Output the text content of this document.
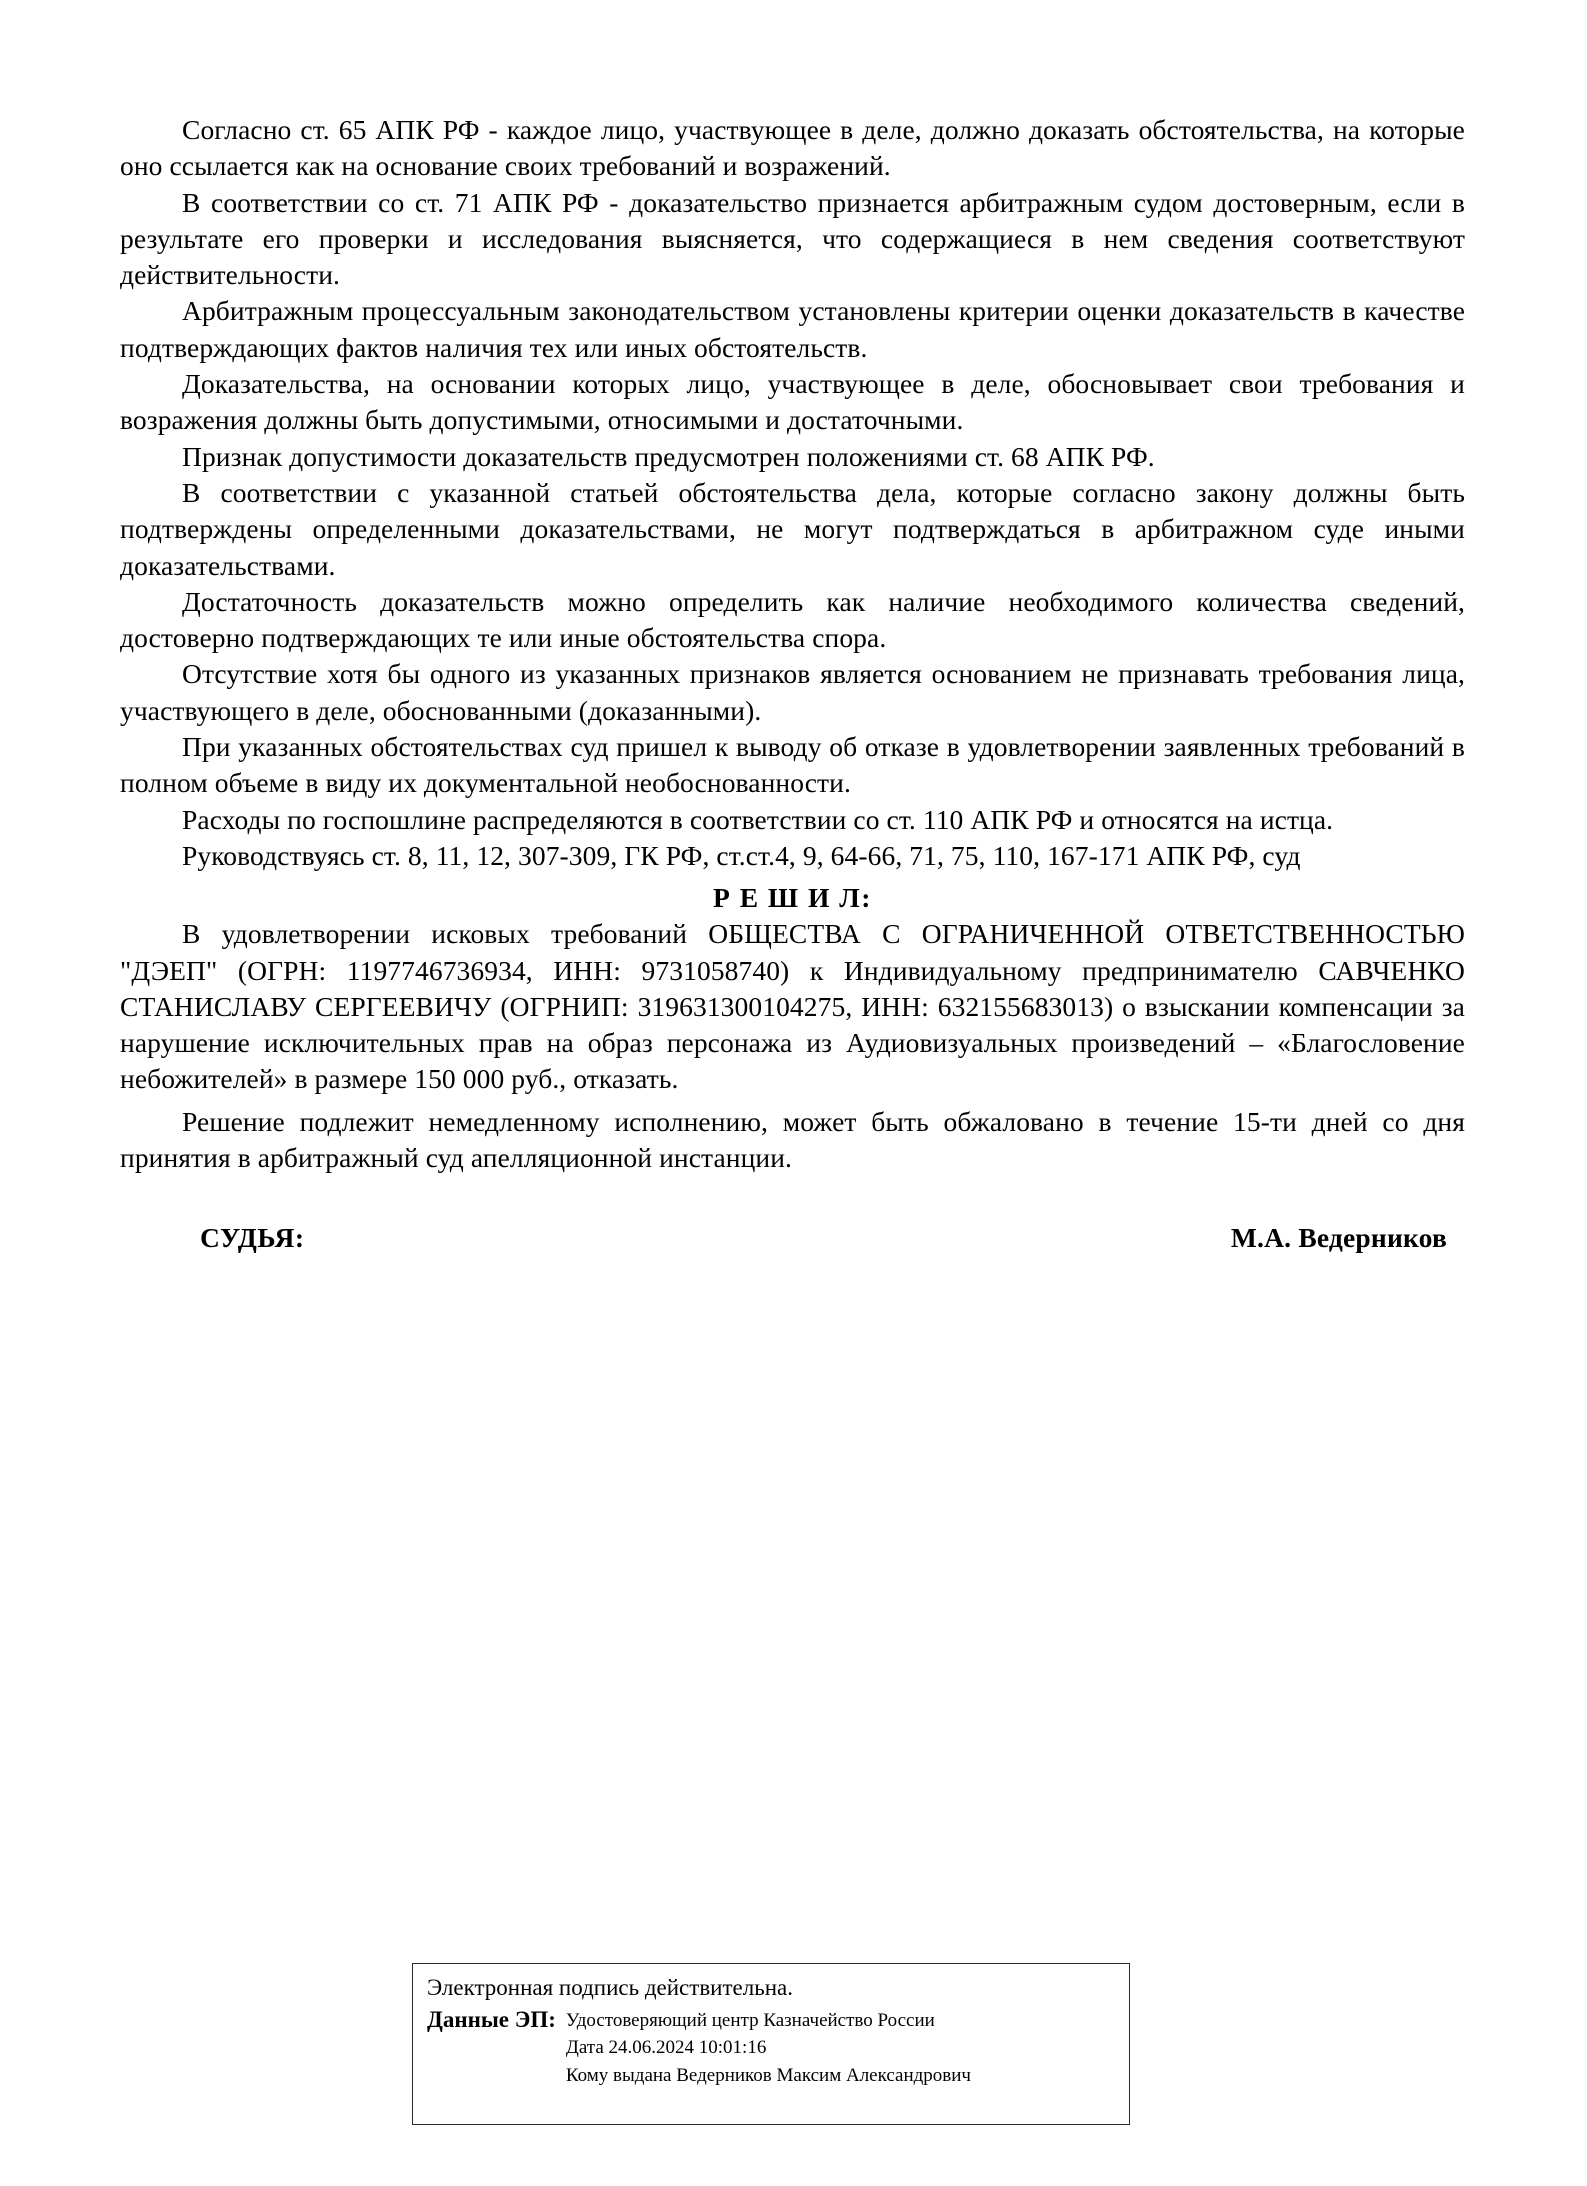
Согласно ст. 65 АПК РФ - каждое лицо, участвующее в деле, должно доказать обстоятельства, на которые оно ссылается как на основание своих требований и возражений.

В соответствии со ст. 71 АПК РФ - доказательство признается арбитражным судом достоверным, если в результате его проверки и исследования выясняется, что содержащиеся в нем сведения соответствуют действительности.

Арбитражным процессуальным законодательством установлены критерии оценки доказательств в качестве подтверждающих фактов наличия тех или иных обстоятельств.

Доказательства, на основании которых лицо, участвующее в деле, обосновывает свои требования и возражения должны быть допустимыми, относимыми и достаточными.

Признак допустимости доказательств предусмотрен положениями ст. 68 АПК РФ.

В соответствии с указанной статьей обстоятельства дела, которые согласно закону должны быть подтверждены определенными доказательствами, не могут подтверждаться в арбитражном суде иными доказательствами.

Достаточность доказательств можно определить как наличие необходимого количества сведений, достоверно подтверждающих те или иные обстоятельства спора.

Отсутствие хотя бы одного из указанных признаков является основанием не признавать требования лица, участвующего в деле, обоснованными (доказанными).

При указанных обстоятельствах суд пришел к выводу об отказе в удовлетворении заявленных требований в полном объеме в виду их документальной необоснованности.

Расходы по госпошлине распределяются в соответствии со ст. 110 АПК РФ и относятся на истца.

Руководствуясь ст. 8, 11, 12, 307-309, ГК РФ, ст.ст.4, 9, 64-66, 71, 75, 110, 167-171 АПК РФ, суд

Р Е Ш И Л:

В удовлетворении исковых требований ОБЩЕСТВА С ОГРАНИЧЕННОЙ ОТВЕТСТВЕННОСТЬЮ "ДЭЕП" (ОГРН: 1197746736934, ИНН: 9731058740) к Индивидуальному предпринимателю САВЧЕНКО СТАНИСЛАВУ СЕРГЕЕВИЧУ (ОГРНИП: 319631300104275, ИНН: 632155683013) о взыскании компенсации за нарушение исключительных прав на образ персонажа из Аудиовизуальных произведений – «Благословение небожителей» в размере 150 000 руб., отказать.

Решение подлежит немедленному исполнению, может быть обжаловано в течение 15-ти дней со дня принятия в арбитражный суд апелляционной инстанции.

СУДЬЯ:	М.А. Ведерников
Электронная подпись действительна.
Данные ЭП: Удостоверяющий центр Казначейство России
Дата 24.06.2024 10:01:16
Кому выдана Ведерников Максим Александрович
